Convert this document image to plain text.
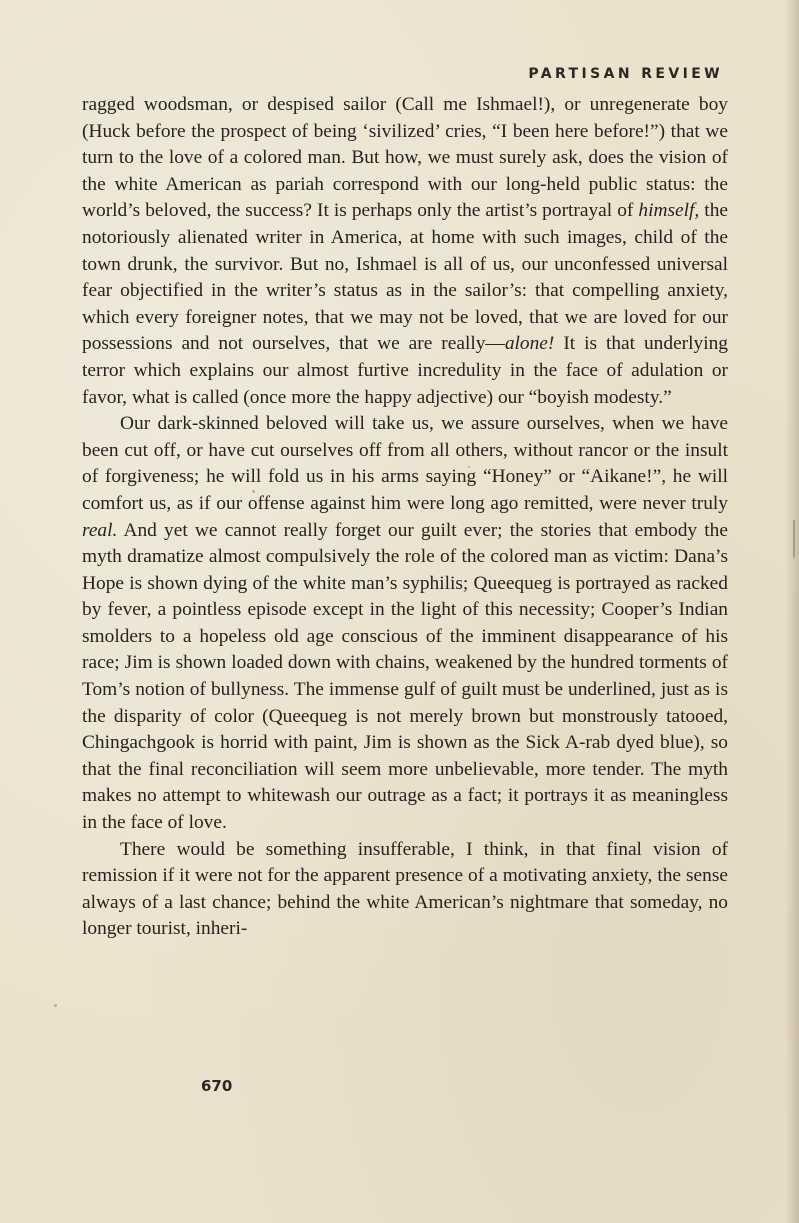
PARTISAN REVIEW

ragged woodsman, or despised sailor (Call me Ishmael!), or unregenerate boy (Huck before the prospect of being ‘sivilized’ cries, “I been here before!”) that we turn to the love of a colored man. But how, we must surely ask, does the vision of the white American as pariah correspond with our long-held public status: the world’s beloved, the success? It is perhaps only the artist’s portrayal of himself, the notoriously alienated writer in America, at home with such images, child of the town drunk, the survivor. But no, Ishmael is all of us, our unconfessed universal fear objectified in the writer’s status as in the sailor’s: that compelling anxiety, which every foreigner notes, that we may not be loved, that we are loved for our possessions and not ourselves, that we are really—alone! It is that underlying terror which explains our almost furtive incredulity in the face of adulation or favor, what is called (once more the happy adjective) our “boyish modesty.”

Our dark-skinned beloved will take us, we assure ourselves, when we have been cut off, or have cut ourselves off from all others, without rancor or the insult of forgiveness; he will fold us in his arms saying “Honey” or “Aikane!”, he will comfort us, as if our offense against him were long ago remitted, were never truly real. And yet we cannot really forget our guilt ever; the stories that embody the myth dramatize almost compulsively the role of the colored man as victim: Dana’s Hope is shown dying of the white man’s syphilis; Queequeg is portrayed as racked by fever, a pointless episode except in the light of this necessity; Cooper’s Indian smolders to a hopeless old age conscious of the imminent disappearance of his race; Jim is shown loaded down with chains, weakened by the hundred torments of Tom’s notion of bullyness. The immense gulf of guilt must be underlined, just as is the disparity of color (Queequeg is not merely brown but monstrously tatooed, Chingachgook is horrid with paint, Jim is shown as the Sick A-rab dyed blue), so that the final reconciliation will seem more unbelievable, more tender. The myth makes no attempt to whitewash our outrage as a fact; it portrays it as meaningless in the face of love.

There would be something insufferable, I think, in that final vision of remission if it were not for the apparent presence of a motivating anxiety, the sense always of a last chance; behind the white American’s nightmare that someday, no longer tourist, inheri-

670
